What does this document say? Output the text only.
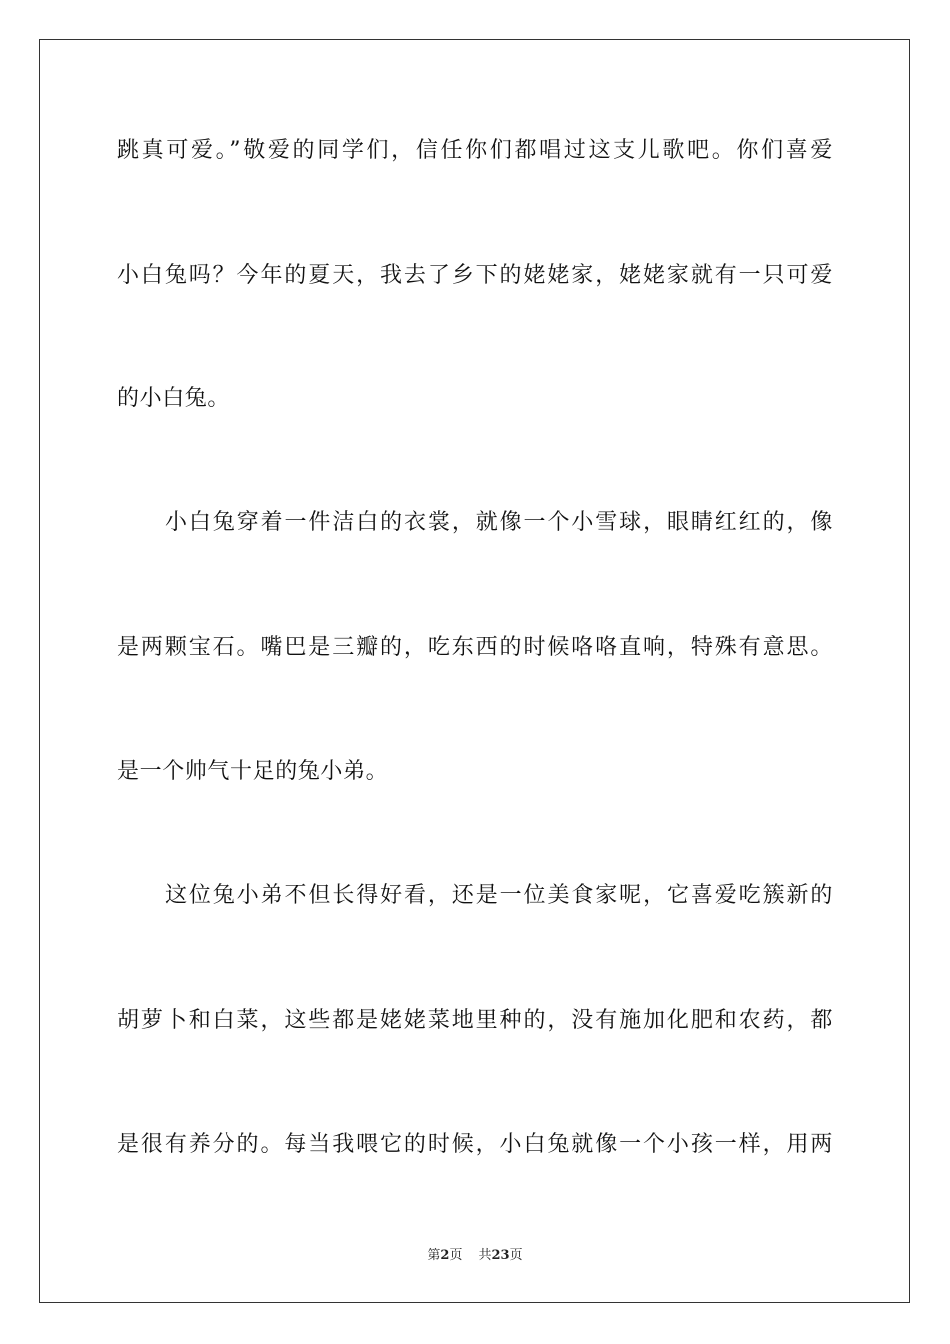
跳真可爱。”敬爱的同学们，信任你们都唱过这支儿歌吧。你们喜爱
小白兔吗？今年的夏天，我去了乡下的姥姥家，姥姥家就有一只可爱
的小白兔。
小白兔穿着一件洁白的衣裳，就像一个小雪球，眼睛红红的，像
是两颗宝石。嘴巴是三瓣的，吃东西的时候咯咯直响，特殊有意思。
是一个帅气十足的兔小弟。
这位兔小弟不但长得好看，还是一位美食家呢，它喜爱吃簇新的
胡萝卜和白菜，这些都是姥姥菜地里种的，没有施加化肥和农药，都
是很有养分的。每当我喂它的时候，小白兔就像一个小孩一样，用两
第2页 共23页
